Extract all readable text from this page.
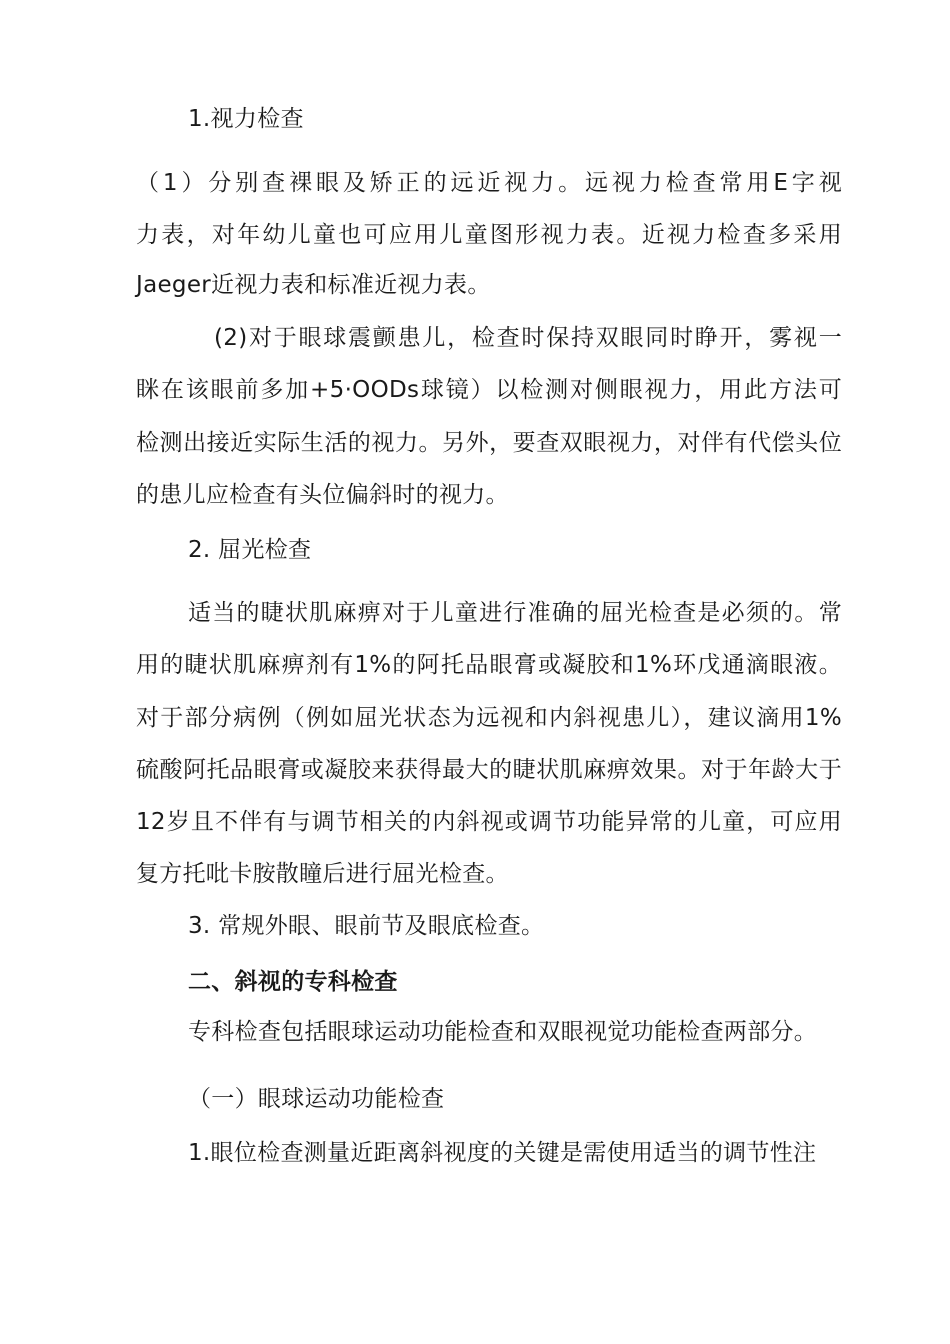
1.视力检查
（1）分别查裸眼及矫正的远近视力。远视力检查常用E字视
力表，对年幼儿童也可应用儿童图形视力表。近视力检查多采用
Jaeger近视力表和标准近视力表。
(2)对于眼球震颤患儿，检查时保持双眼同时睁开，雾视一
眯在该眼前多加+5·OODs球镜）以检测对侧眼视力，用此方法可
检测出接近实际生活的视力。另外，要查双眼视力，对伴有代偿头位
的患儿应检查有头位偏斜时的视力。
2. 屈光检查
适当的睫状肌麻痹对于儿童进行准确的屈光检查是必须的。常
用的睫状肌麻痹剂有1%的阿托品眼膏或凝胶和1%环戊通滴眼液。
对于部分病例（例如屈光状态为远视和内斜视患儿），建议滴用1%
硫酸阿托品眼膏或凝胶来获得最大的睫状肌麻痹效果。对于年龄大于
12岁且不伴有与调节相关的内斜视或调节功能异常的儿童，可应用
复方托吡卡胺散瞳后进行屈光检查。
3. 常规外眼、眼前节及眼底检查。
二、斜视的专科检查
专科检查包括眼球运动功能检查和双眼视觉功能检查两部分。
（一）眼球运动功能检查
1.眼位检查测量近距离斜视度的关键是需使用适当的调节性注
